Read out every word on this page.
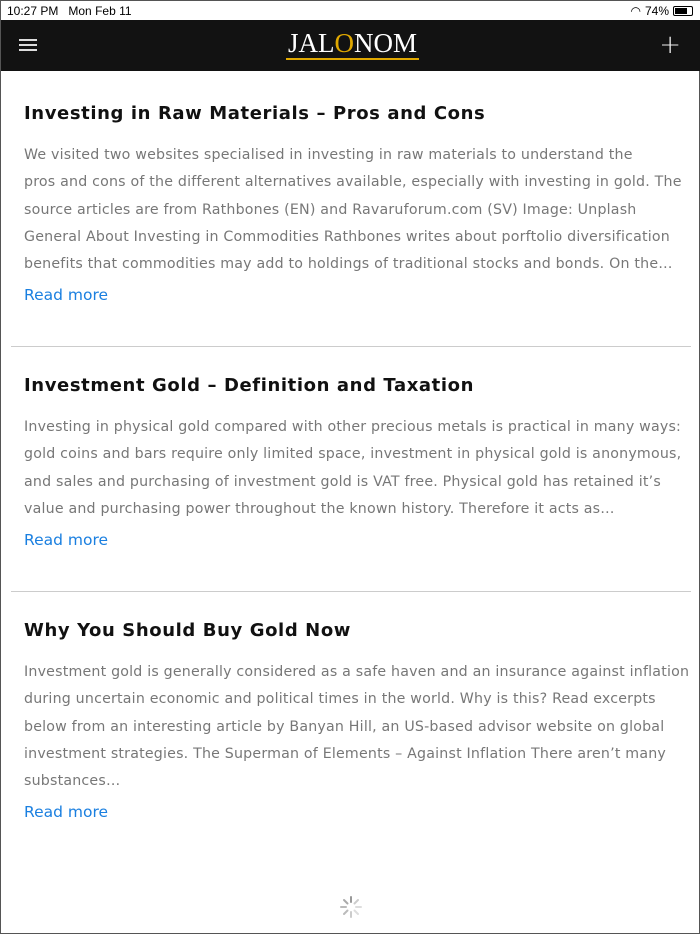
10:27 PM Mon Feb 11	◠ 74%
JALONOM	+
Investing in Raw Materials – Pros and Cons
We visited two websites specialised in investing in raw materials to understand the
pros and cons of the different alternatives available, especially with investing in gold. The
source articles are from Rathbones (EN) and Ravaruforum.com (SV) Image: Unplash
General About Investing in Commodities Rathbones writes about porftolio diversification
benefits that commodities may add to holdings of traditional stocks and bonds. On the…
Read more
Investment Gold – Definition and Taxation
Investing in physical gold compared with other precious metals is practical in many ways:
gold coins and bars require only limited space, investment in physical gold is anonymous,
and sales and purchasing of investment gold is VAT free. Physical gold has retained it’s
value and purchasing power throughout the known history. Therefore it acts as…
Read more
Why You Should Buy Gold Now
Investment gold is generally considered as a safe haven and an insurance against inflation
during uncertain economic and political times in the world. Why is this? Read excerpts
below from an interesting article by Banyan Hill, an US-based advisor website on global
investment strategies. The Superman of Elements – Against Inflation There aren’t many
substances…
Read more
